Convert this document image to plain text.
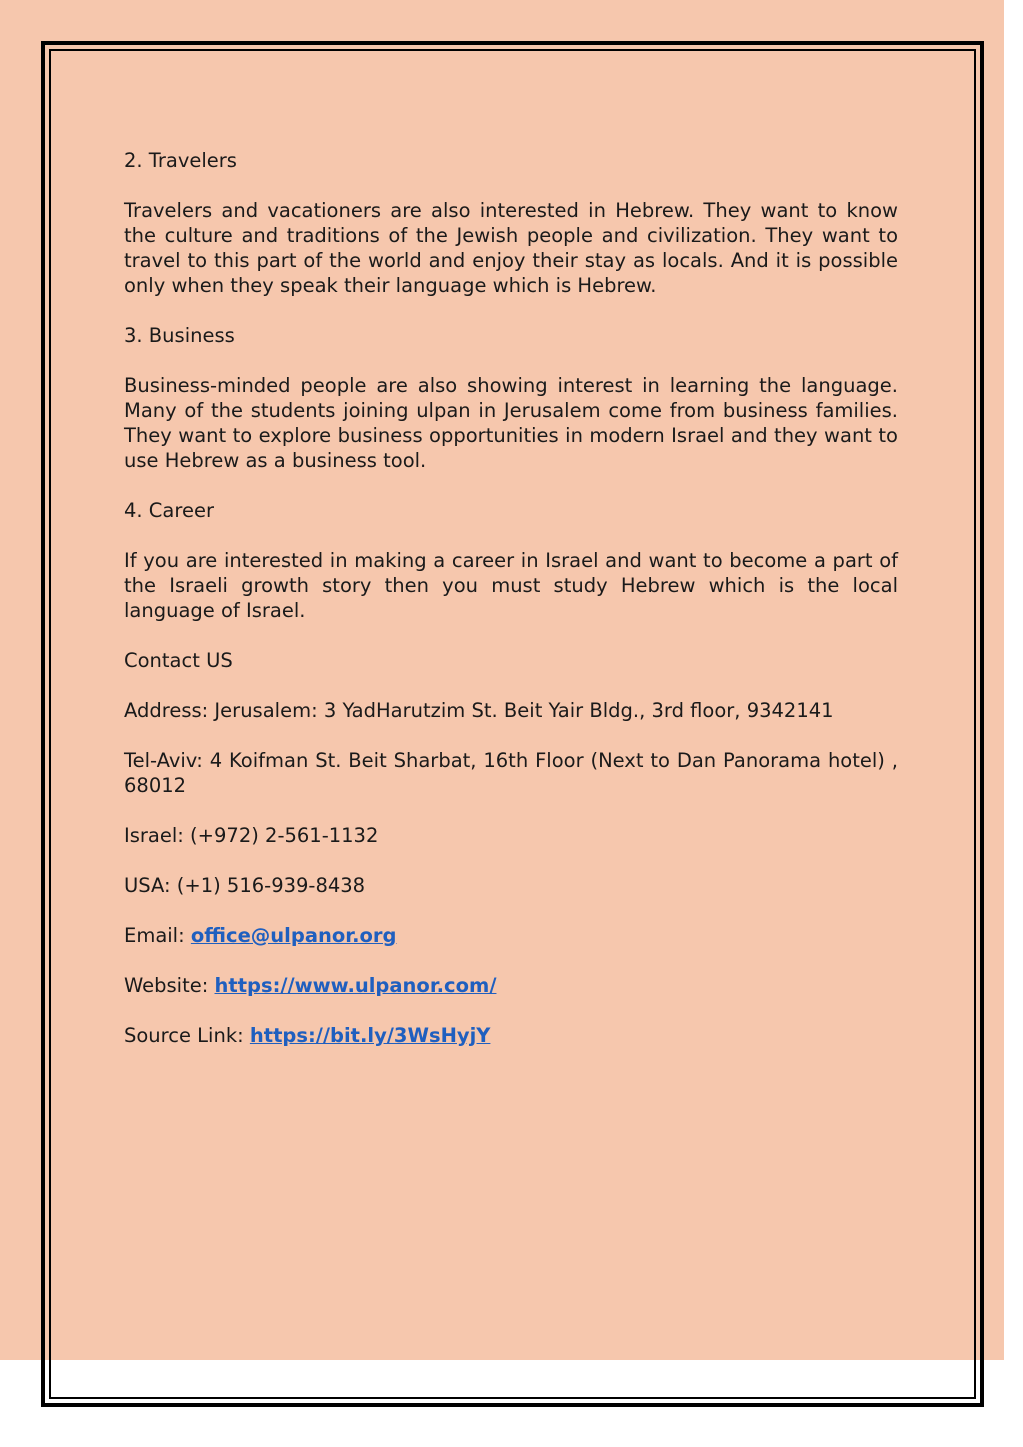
2. Travelers

Travelers and vacationers are also interested in Hebrew. They want to know the culture and traditions of the Jewish people and civilization. They want to travel to this part of the world and enjoy their stay as locals. And it is possible only when they speak their language which is Hebrew.

3. Business

Business-minded people are also showing interest in learning the language. Many of the students joining ulpan in Jerusalem come from business families. They want to explore business opportunities in modern Israel and they want to use Hebrew as a business tool.

4. Career

If you are interested in making a career in Israel and want to become a part of the Israeli growth story then you must study Hebrew which is the local language of Israel.

Contact US

Address: Jerusalem: 3 YadHarutzim St. Beit Yair Bldg., 3rd floor, 9342141

Tel-Aviv: 4 Koifman St. Beit Sharbat, 16th Floor (Next to Dan Panorama hotel) , 68012

Israel: (+972) 2-561-1132

USA: (+1) 516-939-8438

Email: office@ulpanor.org

Website: https://www.ulpanor.com/

Source Link: https://bit.ly/3WsHyjY
